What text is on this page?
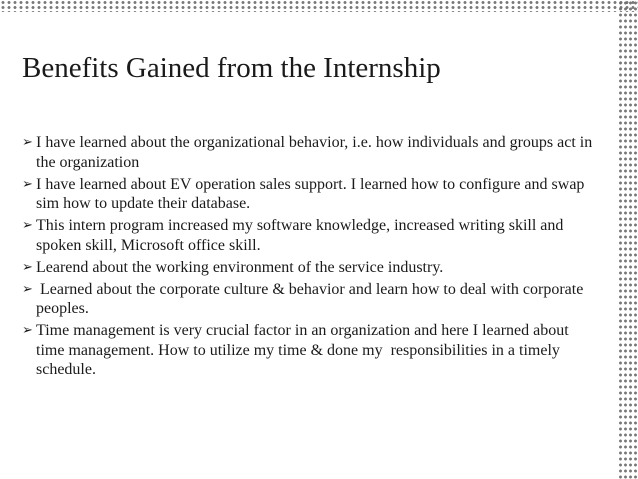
Benefits Gained from the Internship
➢ I have learned about the organizational behavior, i.e. how individuals and groups act in the organization
➢ I have learned about EV operation sales support. I learned how to configure and swap sim how to update their database.
➢ This intern program increased my software knowledge, increased writing skill and spoken skill, Microsoft office skill.
➢ Learend about the working environment of the service industry.
➢ Learned about the corporate culture & behavior and learn how to deal with corporate peoples.
➢ Time management is very crucial factor in an organization and here I learned about time management. How to utilize my time & done my  responsibilities in a timely schedule.
